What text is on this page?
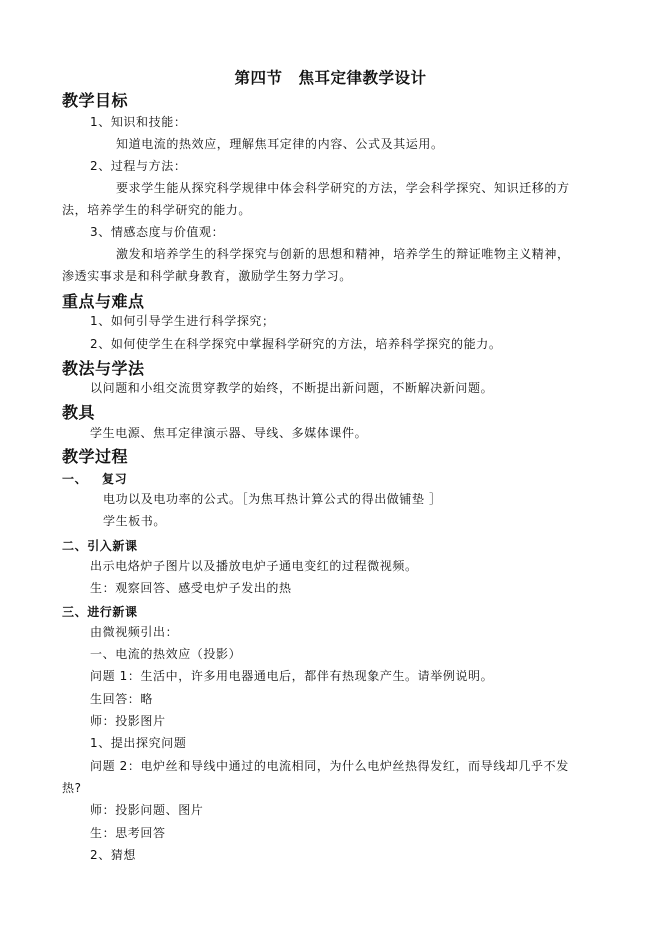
第四节　焦耳定律教学设计
教学目标
1、知识和技能：
知道电流的热效应，理解焦耳定律的内容、公式及其运用。
2、过程与方法：
要求学生能从探究科学规律中体会科学研究的方法，学会科学探究、知识迁移的方
法，培养学生的科学研究的能力。
3、情感态度与价值观：
激发和培养学生的科学探究与创新的思想和精神，培养学生的辩证唯物主义精神，
渗透实事求是和科学献身教育，激励学生努力学习。
重点与难点
1、如何引导学生进行科学探究；
2、如何使学生在科学探究中掌握科学研究的方法，培养科学探究的能力。
教法与学法
以问题和小组交流贯穿教学的始终，不断提出新问题，不断解决新问题。
教具
学生电源、焦耳定律演示器、导线、多媒体课件。
教学过程
一、 复习
电功以及电功率的公式。［为焦耳热计算公式的得出做铺垫 ］
学生板书。
二、引入新课
出示电烙炉子图片以及播放电炉子通电变红的过程微视频。
生：观察回答、感受电炉子发出的热
三、进行新课
由微视频引出：
一、电流的热效应（投影）
问题 1：生活中，许多用电器通电后，都伴有热现象产生。请举例说明。
生回答：略
师：投影图片
1、提出探究问题
问题 2：电炉丝和导线中通过的电流相同，为什么电炉丝热得发红，而导线却几乎不发
热?
师：投影问题、图片
生：思考回答
2、猜想
